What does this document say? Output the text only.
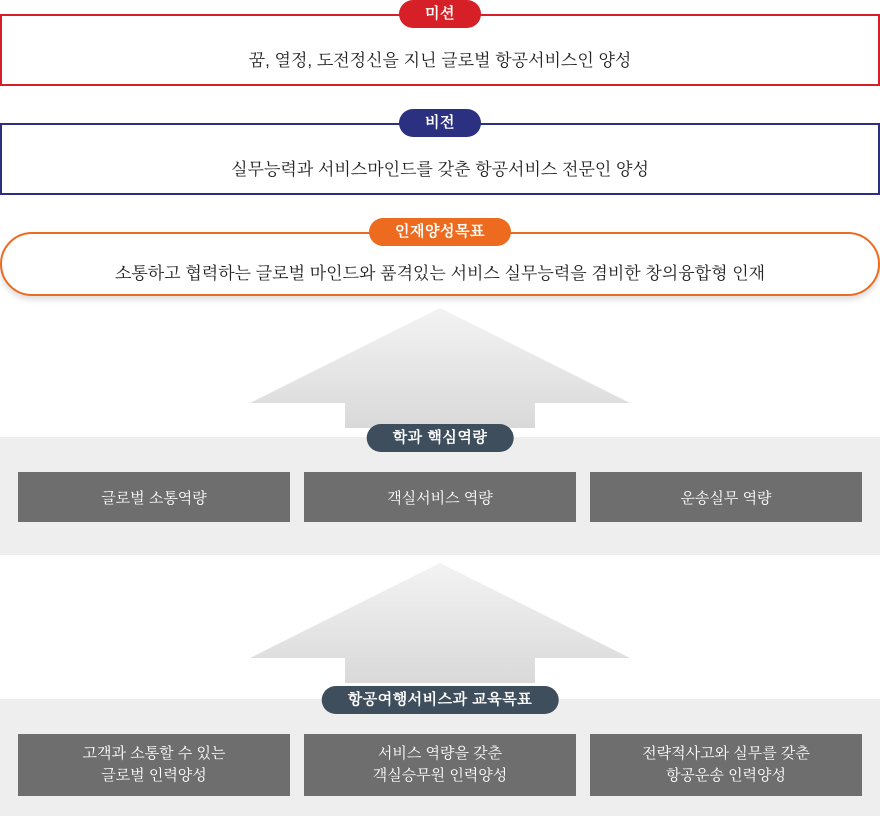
미션
꿈, 열정, 도전정신을 지닌 글로벌 항공서비스인 양성
비전
실무능력과 서비스마인드를 갖춘 항공서비스 전문인 양성
인재양성목표
소통하고 협력하는 글로벌 마인드와 품격있는 서비스 실무능력을 겸비한 창의융합형 인재
학과 핵심역량
글로벌 소통역량	객실서비스 역량	운송실무 역량
항공여행서비스과 교육목표
고객과 소통할 수 있는
글로벌 인력양성
서비스 역량을 갖춘
객실승무원 인력양성
전략적사고와 실무를 갖춘
항공운송 인력양성
